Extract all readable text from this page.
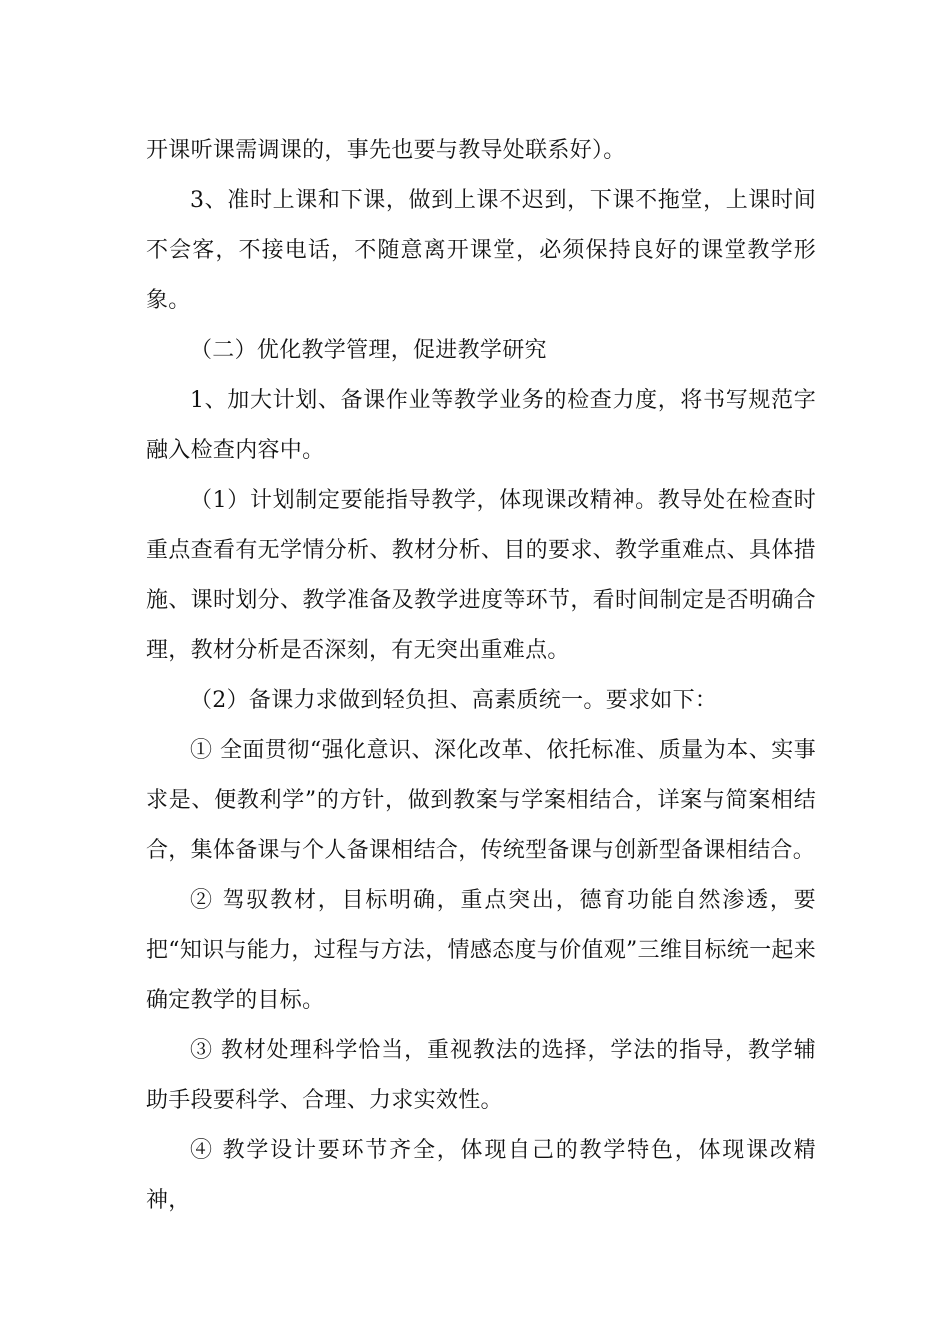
开课听课需调课的，事先也要与教导处联系好）。

3、准时上课和下课，做到上课不迟到，下课不拖堂，上课时间不会客，不接电话，不随意离开课堂，必须保持良好的课堂教学形象。

（二）优化教学管理，促进教学研究

1、加大计划、备课作业等教学业务的检查力度，将书写规范字融入检查内容中。

（1）计划制定要能指导教学，体现课改精神。教导处在检查时重点查看有无学情分析、教材分析、目的要求、教学重难点、具体措施、课时划分、教学准备及教学进度等环节，看时间制定是否明确合理，教材分析是否深刻，有无突出重难点。

（2）备课力求做到轻负担、高素质统一。要求如下：

① 全面贯彻“强化意识、深化改革、依托标准、质量为本、实事求是、便教利学”的方针，做到教案与学案相结合，详案与简案相结合，集体备课与个人备课相结合，传统型备课与创新型备课相结合。

② 驾驭教材，目标明确，重点突出，德育功能自然渗透，要把“知识与能力，过程与方法，情感态度与价值观”三维目标统一起来确定教学的目标。

③ 教材处理科学恰当，重视教法的选择，学法的指导，教学辅助手段要科学、合理、力求实效性。

④ 教学设计要环节齐全，体现自己的教学特色，体现课改精神，
